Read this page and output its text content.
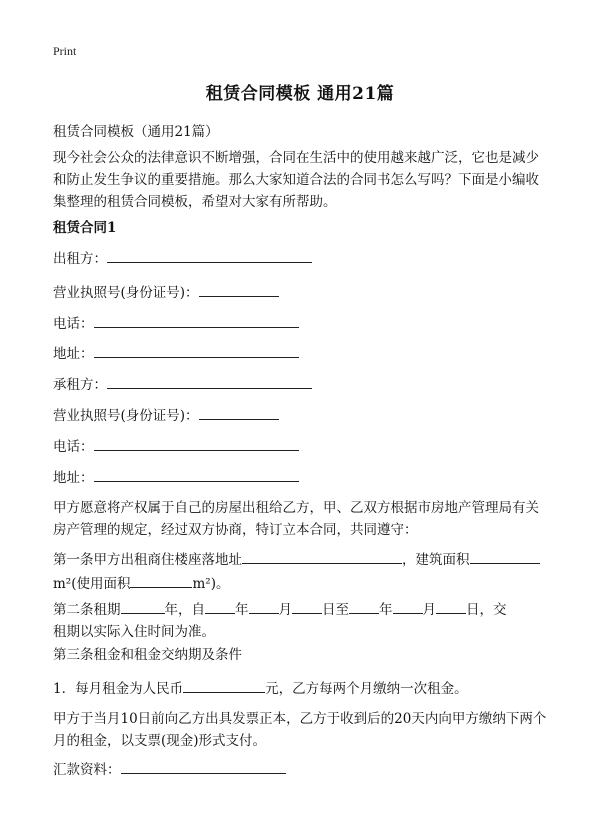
Print
租赁合同模板 通用21篇
租赁合同模板（通用21篇）
现今社会公众的法律意识不断增强，合同在生活中的使用越来越广泛，它也是减少和防止发生争议的重要措施。那么大家知道合法的合同书怎么写吗？下面是小编收集整理的租赁合同模板，希望对大家有所帮助。
租赁合同1
出租方：
营业执照号(身份证号)：
电话：
地址：
承租方：
营业执照号(身份证号)：
电话：
地址：
甲方愿意将产权属于自己的房屋出租给乙方，甲、乙双方根据市房地产管理局有关房产管理的规定，经过双方协商，特订立本合同，共同遵守：
第一条甲方出租商住楼座落地址	，建筑面积
m²(使用面积	m²)。
第二条租期	年，自 年 月 日至 年 月 日，交
租期以实际入住时间为准。
第三条租金和租金交纳期及条件
1．每月租金为人民币	元，乙方每两个月缴纳一次租金。
甲方于当月10日前向乙方出具发票正本，乙方于收到后的20天内向甲方缴纳下两个月的租金，以支票(现金)形式支付。
汇款资料：
